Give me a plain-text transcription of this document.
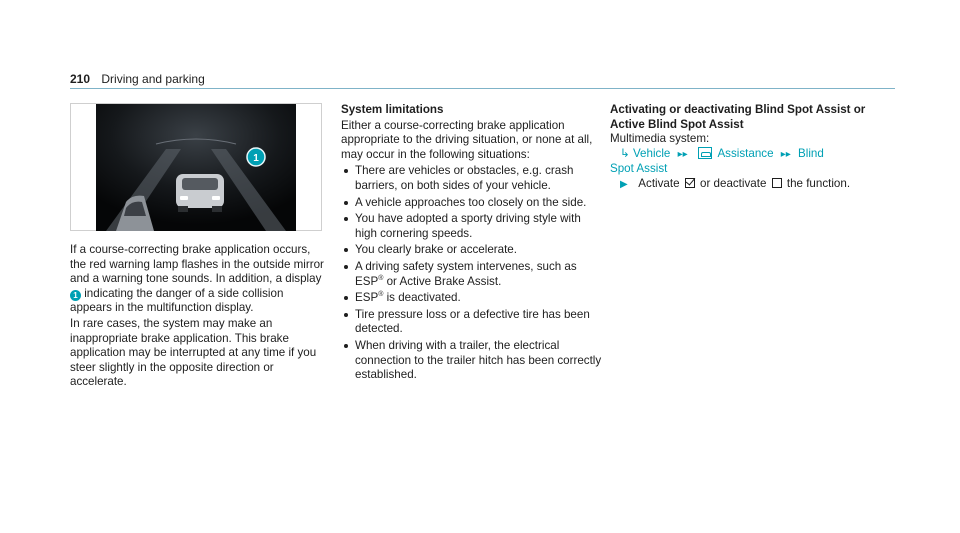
210 Driving and parking
1

If a course-correcting brake application occurs, the red warning lamp flashes in the outside mirror and a warning tone sounds. In addition, a display 1 indicating the danger of a side collision appears in the multifunction display.

In rare cases, the system may make an inappropriate brake application. This brake application may be interrupted at any time if you steer slightly in the opposite direction or accelerate.

System limitations

Either a course-correcting brake application appropriate to the driving situation, or none at all, may occur in the following situations:

There are vehicles or obstacles, e.g. crash barriers, on both sides of your vehicle.
A vehicle approaches too closely on the side.
You have adopted a sporty driving style with high cornering speeds.
You clearly brake or accelerate.
A driving safety system intervenes, such as ESP® or Active Brake Assist.
ESP® is deactivated.
Tire pressure loss or a defective tire has been detected.
When driving with a trailer, the electrical connection to the trailer hitch has been correctly established.

Activating or deactivating Blind Spot Assist or Active Blind Spot Assist

Multimedia system:

↳ Vehicle ▸▸	Assistance ▸▸ Blind

Spot Assist

▶ Activate or deactivate the function.
